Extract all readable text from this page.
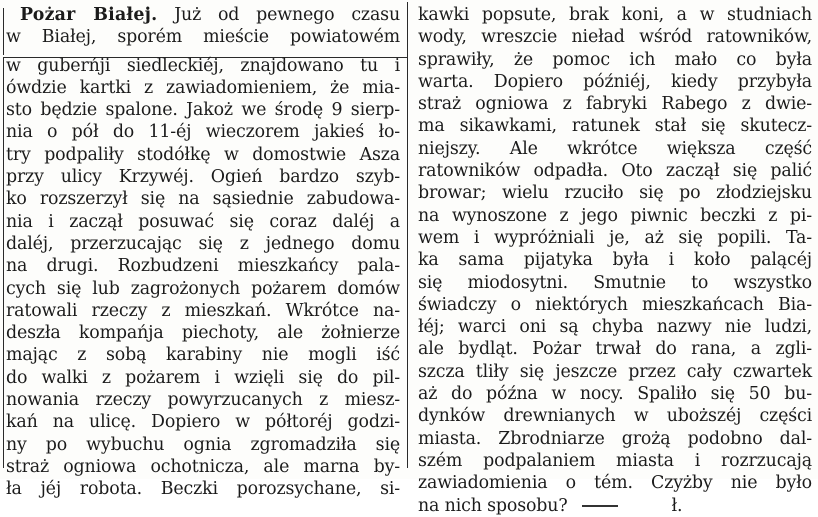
Pożar Białej. Już od pewnego czasu
w Białej, sporém mieście powiatowém
w guberńji siedleckiéj, znajdowano tu i
ówdzie kartki z zawiadomieniem, że mia-
sto będzie spalone. Jakoż we środę 9 sierp-
nia o pół do 11-éj wieczorem jakieś ło-
try podpaliły stodółkę w domostwie Asza
przy ulicy Krzywéj. Ogień bardzo szyb-
ko rozszerzył się na sąsiednie zabudowa-
nia i zaczął posuwać się coraz daléj a
daléj, przerzucając się z jednego domu
na drugi. Rozbudzeni mieszkańcy pala-
cych się lub zagrożonych pożarem domów
ratowali rzeczy z mieszkań. Wkrótce na-
deszła kompańja piechoty, ale żołnierze
mając z sobą karabiny nie mogli iść
do walki z pożarem i wzięli się do pil-
nowania rzeczy powyrzucanych z miesz-
kań na ulicę. Dopiero w półtoréj godzi-
ny po wybuchu ognia zgromadziła się
straż ogniowa ochotnicza, ale marna by-
ła jéj robota. Beczki porozsychane, si-
kawki popsute, brak koni, a w studniach
wody, wreszcie nieład wśród ratowników,
sprawiły, że pomoc ich mało co była
warta. Dopiero późniéj, kiedy przybyła
straż ogniowa z fabryki Rabego z dwie-
ma sikawkami, ratunek stał się skutecz-
niejszy. Ale wkrótce większa część
ratowników odpadła. Oto zaczął się palić
browar; wielu rzuciło się po złodziejsku
na wynoszone z jego piwnic beczki z pi-
wem i wypróżniali je, aż się popili. Ta-
ka sama pijatyka była i koło palącéj
się miodosytni. Smutnie to wszystko
świadczy o niektórych mieszkańcach Bia-
łéj; warci oni są chyba nazwy nie ludzi,
ale bydląt. Pożar trwał do rana, a zgli-
szcza tliły się jeszcze przez cały czwartek
aż do późna w nocy. Spaliło się 50 bu-
dynków drewnianych w uboższéj części
miasta. Zbrodniarze grożą podobno dal-
szém podpalaniem miasta i rozrzucają
zawiadomienia o tém. Czyżby nie było
na nich sposobu?	ł.
